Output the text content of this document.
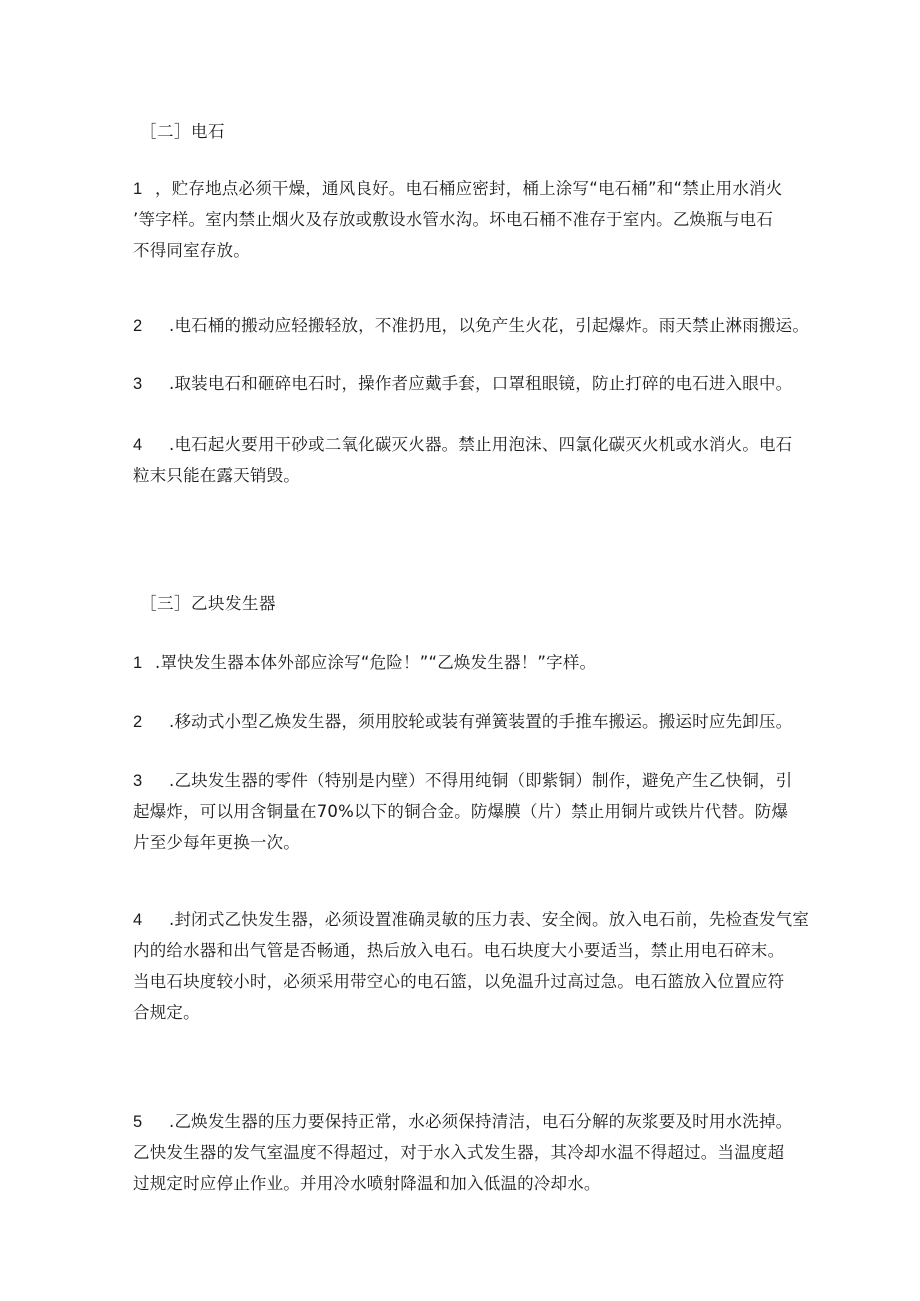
［二］电石
1 ，贮存地点必须干燥，通风良好。电石桶应密封，桶上涂写“电石桶”和“禁止用水消火
’等字样。室内禁止烟火及存放或敷设水管水沟。坏电石桶不准存于室内。乙焕瓶与电石
不得同室存放。
2 .电石桶的搬动应轻搬轻放，不准扔甩，以免产生火花，引起爆炸。雨天禁止淋雨搬运。
3 .取装电石和砸碎电石时，操作者应戴手套，口罩租眼镜，防止打碎的电石进入眼中。
4 .电石起火要用干砂或二氧化碳灭火器。禁止用泡沫、四氯化碳灭火机或水消火。电石
粒末只能在露天销毁。
［三］乙块发生器
1 .罩快发生器本体外部应涂写“危险！”“乙焕发生器！”字样。
2 .移动式小型乙焕发生器，须用胶轮或装有弹簧装置的手推车搬运。搬运时应先卸压。
3 .乙块发生器的零件（特别是内壁）不得用纯铜（即紫铜）制作，避免产生乙快铜，引
起爆炸，可以用含铜量在70%以下的铜合金。防爆膜（片）禁止用铜片或铁片代替。防爆
片至少每年更换一次。
4 .封闭式乙快发生器，必须设置准确灵敏的压力表、安全阀。放入电石前，先检查发气室
内的给水器和出气管是否畅通，热后放入电石。电石块度大小要适当，禁止用电石碎末。
当电石块度较小时，必须采用带空心的电石篮，以免温升过高过急。电石篮放入位置应符
合规定。
5 .乙焕发生器的压力要保持正常，水必须保持清洁，电石分解的灰浆要及时用水洗掉。
乙快发生器的发气室温度不得超过，对于水入式发生器，其冷却水温不得超过。当温度超
过规定时应停止作业。并用冷水喷射降温和加入低温的冷却水。
